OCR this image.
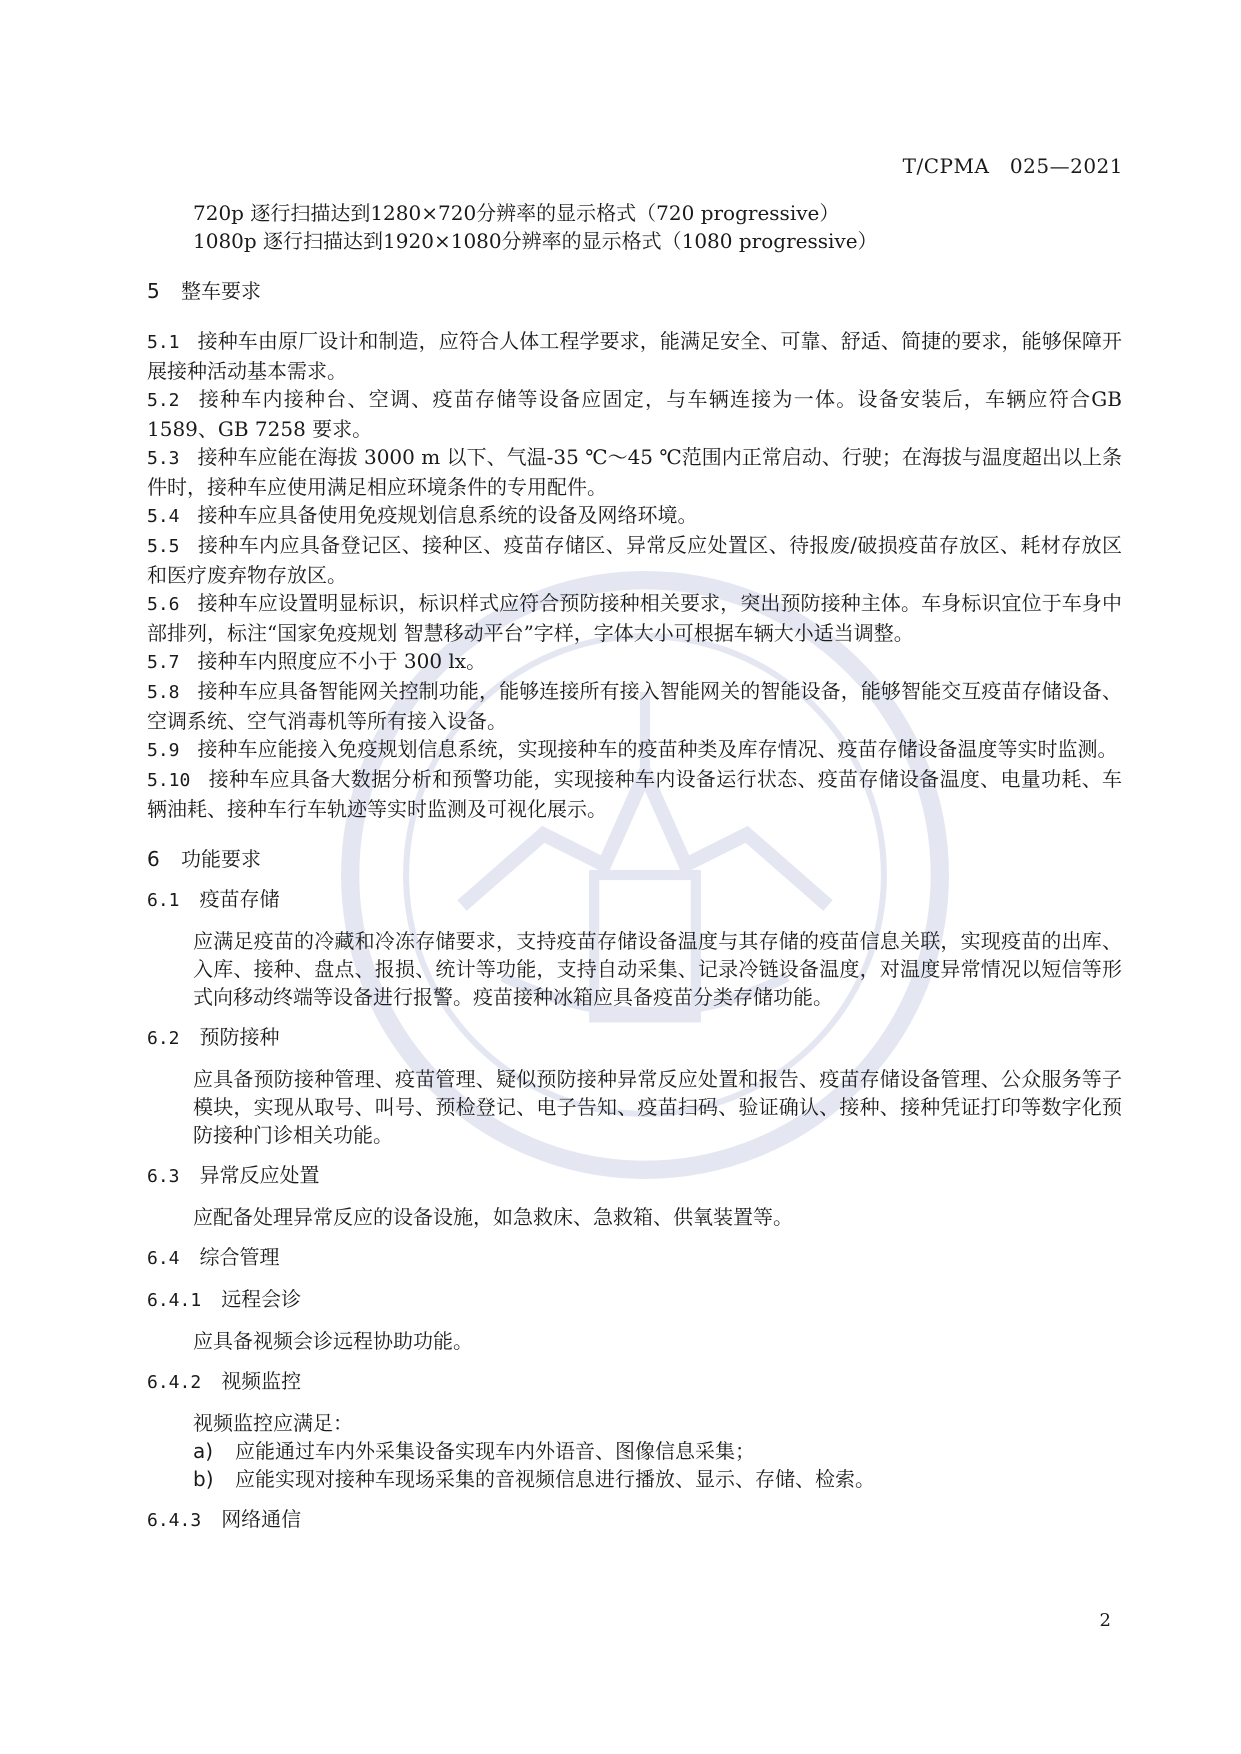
T/CPMA　025—2021

720p 逐行扫描达到1280×720分辨率的显示格式（720 progressive）

1080p 逐行扫描达到1920×1080分辨率的显示格式（1080 progressive）

5 整车要求

5.1 接种车由原厂设计和制造，应符合人体工程学要求，能满足安全、可靠、舒适、简捷的要求，能够保障开展接种活动基本需求。

5.2 接种车内接种台、空调、疫苗存储等设备应固定，与车辆连接为一体。设备安装后，车辆应符合GB 1589、GB 7258 要求。

5.3 接种车应能在海拔 3000 m 以下、气温-35 ℃～45 ℃范围内正常启动、行驶；在海拔与温度超出以上条件时，接种车应使用满足相应环境条件的专用配件。

5.4 接种车应具备使用免疫规划信息系统的设备及网络环境。

5.5 接种车内应具备登记区、接种区、疫苗存储区、异常反应处置区、待报废/破损疫苗存放区、耗材存放区和医疗废弃物存放区。

5.6 接种车应设置明显标识，标识样式应符合预防接种相关要求，突出预防接种主体。车身标识宜位于车身中部排列，标注“国家免疫规划 智慧移动平台”字样，字体大小可根据车辆大小适当调整。

5.7 接种车内照度应不小于 300 lx。

5.8 接种车应具备智能网关控制功能，能够连接所有接入智能网关的智能设备，能够智能交互疫苗存储设备、空调系统、空气消毒机等所有接入设备。

5.9 接种车应能接入免疫规划信息系统，实现接种车的疫苗种类及库存情况、疫苗存储设备温度等实时监测。

5.10 接种车应具备大数据分析和预警功能，实现接种车内设备运行状态、疫苗存储设备温度、电量功耗、车辆油耗、接种车行车轨迹等实时监测及可视化展示。

6 功能要求

6.1 疫苗存储

应满足疫苗的冷藏和冷冻存储要求，支持疫苗存储设备温度与其存储的疫苗信息关联，实现疫苗的出库、入库、接种、盘点、报损、统计等功能，支持自动采集、记录冷链设备温度，对温度异常情况以短信等形式向移动终端等设备进行报警。疫苗接种冰箱应具备疫苗分类存储功能。

6.2 预防接种

应具备预防接种管理、疫苗管理、疑似预防接种异常反应处置和报告、疫苗存储设备管理、公众服务等子模块，实现从取号、叫号、预检登记、电子告知、疫苗扫码、验证确认、接种、接种凭证打印等数字化预防接种门诊相关功能。

6.3 异常反应处置

应配备处理异常反应的设备设施，如急救床、急救箱、供氧装置等。

6.4 综合管理

6.4.1 远程会诊

应具备视频会诊远程协助功能。

6.4.2 视频监控

视频监控应满足：

a) 应能通过车内外采集设备实现车内外语音、图像信息采集；

b) 应能实现对接种车现场采集的音视频信息进行播放、显示、存储、检索。

6.4.3 网络通信

2
